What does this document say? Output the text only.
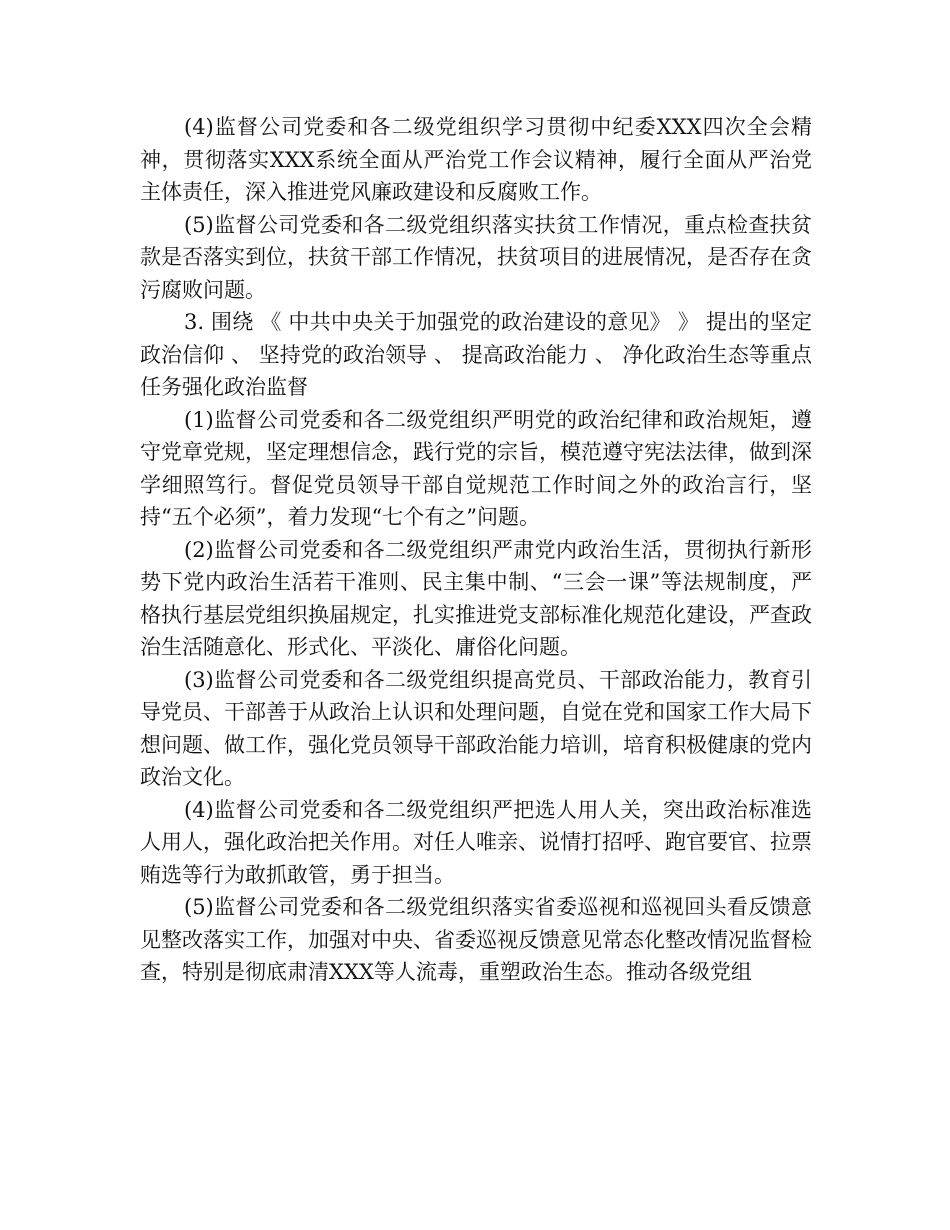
(4)监督公司党委和各二级党组织学习贯彻中纪委XXX四次全会精神，贯彻落实XXX系统全面从严治党工作会议精神，履行全面从严治党主体责任，深入推进党风廉政建设和反腐败工作。

(5)监督公司党委和各二级党组织落实扶贫工作情况，重点检查扶贫款是否落实到位，扶贫干部工作情况，扶贫项目的进展情况，是否存在贪污腐败问题。

3. 围绕 《 中共中央关于加强党的政治建设的意见》 》 提出的坚定政治信仰 、 坚持党的政治领导 、 提高政治能力 、 净化政治生态等重点任务强化政治监督

(1)监督公司党委和各二级党组织严明党的政治纪律和政治规矩，遵守党章党规，坚定理想信念，践行党的宗旨，模范遵守宪法法律，做到深学细照笃行。督促党员领导干部自觉规范工作时间之外的政治言行，坚持“五个必须”，着力发现“七个有之”问题。

(2)监督公司党委和各二级党组织严肃党内政治生活，贯彻执行新形势下党内政治生活若干准则、民主集中制、“三会一课”等法规制度，严格执行基层党组织换届规定，扎实推进党支部标准化规范化建设，严查政治生活随意化、形式化、平淡化、庸俗化问题。

(3)监督公司党委和各二级党组织提高党员、干部政治能力，教育引导党员、干部善于从政治上认识和处理问题，自觉在党和国家工作大局下想问题、做工作，强化党员领导干部政治能力培训，培育积极健康的党内政治文化。

(4)监督公司党委和各二级党组织严把选人用人关，突出政治标准选人用人，强化政治把关作用。对任人唯亲、说情打招呼、跑官要官、拉票贿选等行为敢抓敢管，勇于担当。

(5)监督公司党委和各二级党组织落实省委巡视和巡视回头看反馈意见整改落实工作，加强对中央、省委巡视反馈意见常态化整改情况监督检查，特别是彻底肃清XXX等人流毒，重塑政治生态。推动各级党组
